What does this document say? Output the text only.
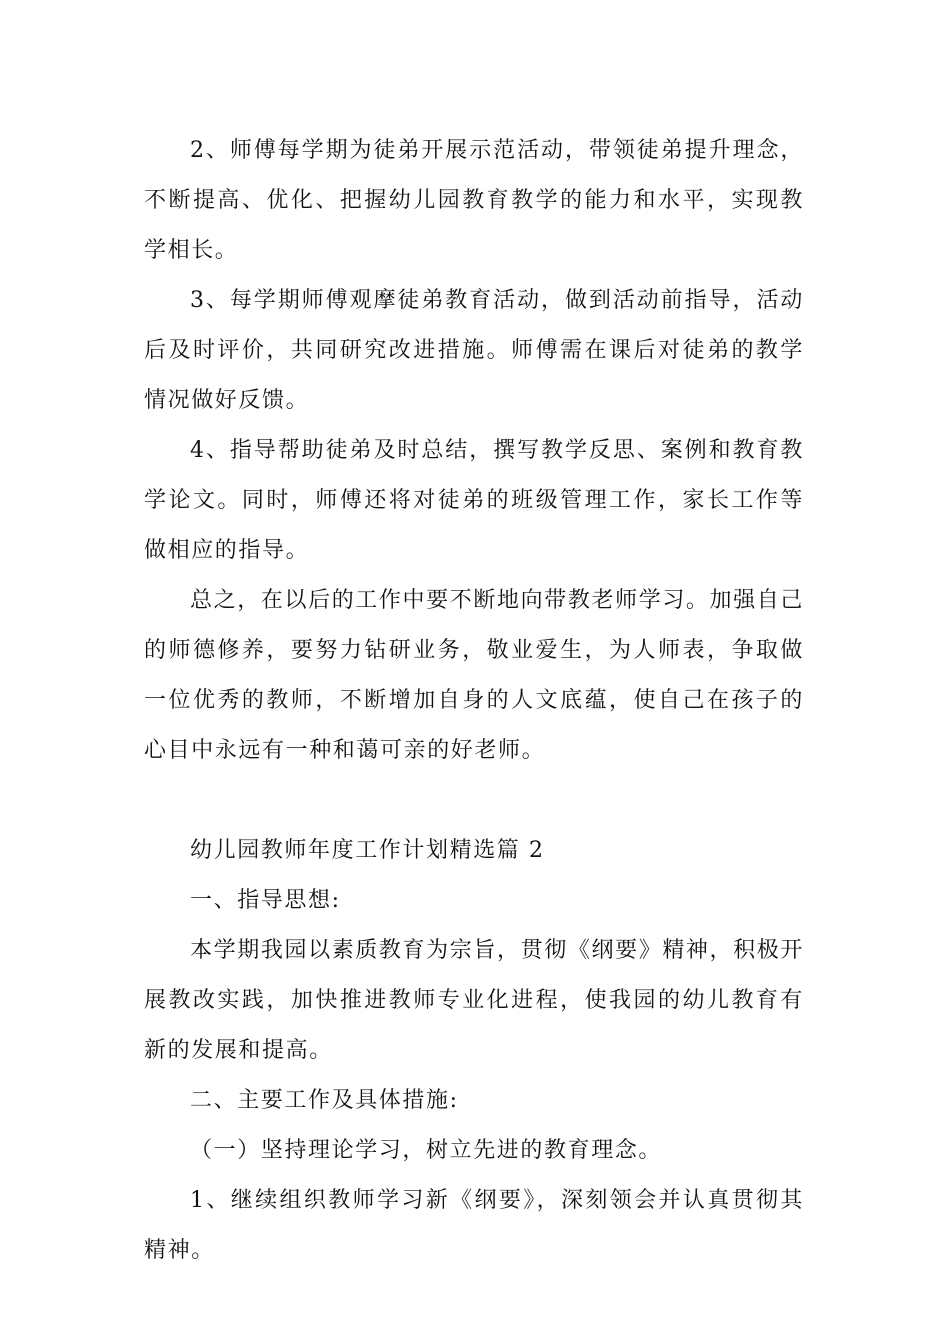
2、师傅每学期为徒弟开展示范活动，带领徒弟提升理念，不断提高、优化、把握幼儿园教育教学的能力和水平，实现教学相长。

3、每学期师傅观摩徒弟教育活动，做到活动前指导，活动后及时评价，共同研究改进措施。师傅需在课后对徒弟的教学情况做好反馈。

4、指导帮助徒弟及时总结，撰写教学反思、案例和教育教学论文。同时，师傅还将对徒弟的班级管理工作，家长工作等做相应的指导。

总之，在以后的工作中要不断地向带教老师学习。加强自己的师德修养，要努力钻研业务，敬业爱生，为人师表，争取做一位优秀的教师，不断增加自身的人文底蕴，使自己在孩子的心目中永远有一种和蔼可亲的好老师。

幼儿园教师年度工作计划精选篇 2

一、指导思想:

本学期我园以素质教育为宗旨，贯彻《纲要》精神，积极开展教改实践，加快推进教师专业化进程，使我园的幼儿教育有新的发展和提高。

二、主要工作及具体措施:

（一）坚持理论学习，树立先进的教育理念。

1、继续组织教师学习新《纲要》，深刻领会并认真贯彻其精神。
